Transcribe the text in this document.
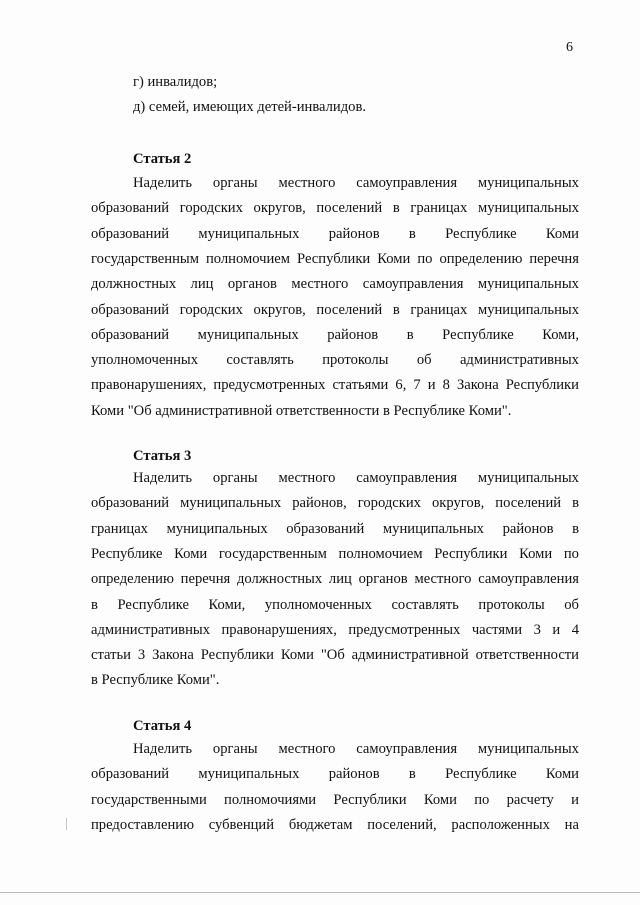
6
г) инвалидов;
д) семей, имеющих детей-инвалидов.
Статья 2
Наделить органы местного самоуправления муниципальных
образований городских округов, поселений в границах муниципальных
образований муниципальных районов в Республике Коми
государственным полномочием Республики Коми по определению перечня
должностных лиц органов местного самоуправления муниципальных
образований городских округов, поселений в границах муниципальных
образований муниципальных районов в Республике Коми,
уполномоченных составлять протоколы об административных
правонарушениях, предусмотренных статьями 6, 7 и 8 Закона Республики
Коми "Об административной ответственности в Республике Коми".
Статья 3
Наделить органы местного самоуправления муниципальных
образований муниципальных районов, городских округов, поселений в
границах муниципальных образований муниципальных районов в
Республике Коми государственным полномочием Республики Коми по
определению перечня должностных лиц органов местного самоуправления
в Республике Коми, уполномоченных составлять протоколы об
административных правонарушениях, предусмотренных частями 3 и 4
статьи 3 Закона Республики Коми "Об административной ответственности
в Республике Коми".
Статья 4
Наделить органы местного самоуправления муниципальных
образований муниципальных районов в Республике Коми
государственными полномочиями Республики Коми по расчету и
предоставлению субвенций бюджетам поселений, расположенных на
